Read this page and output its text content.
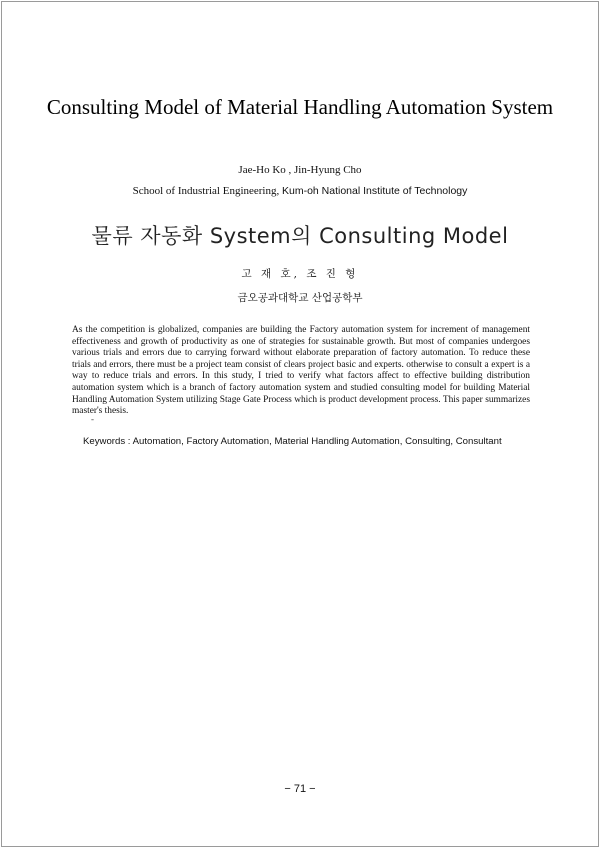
Consulting Model of Material Handling Automation System
Jae-Ho Ko , Jin-Hyung Cho
School of Industrial Engineering, Kum-oh National Institute of Technology
물류 자동화 System의 Consulting Model
고 재 호, 조 진 형
금오공과대학교 산업공학부
As the competition is globalized, companies are building the Factory automation system for increment of management effectiveness and growth of productivity as one of strategies for sustainable growth. But most of companies undergoes various trials and errors due to carrying forward without elaborate preparation of factory automation. To reduce these trials and errors, there must be a project team consist of clears project basic and experts. otherwise to consult a expert is a way to reduce trials and errors. In this study, I tried to verify what factors affect to effective building distribution automation system which is a branch of factory automation system and studied consulting model for building Material Handling Automation System utilizing Stage Gate Process which is product development process. This paper summarizes master's thesis.
-
Keywords : Automation, Factory Automation, Material Handling Automation, Consulting, Consultant
− 71 −
